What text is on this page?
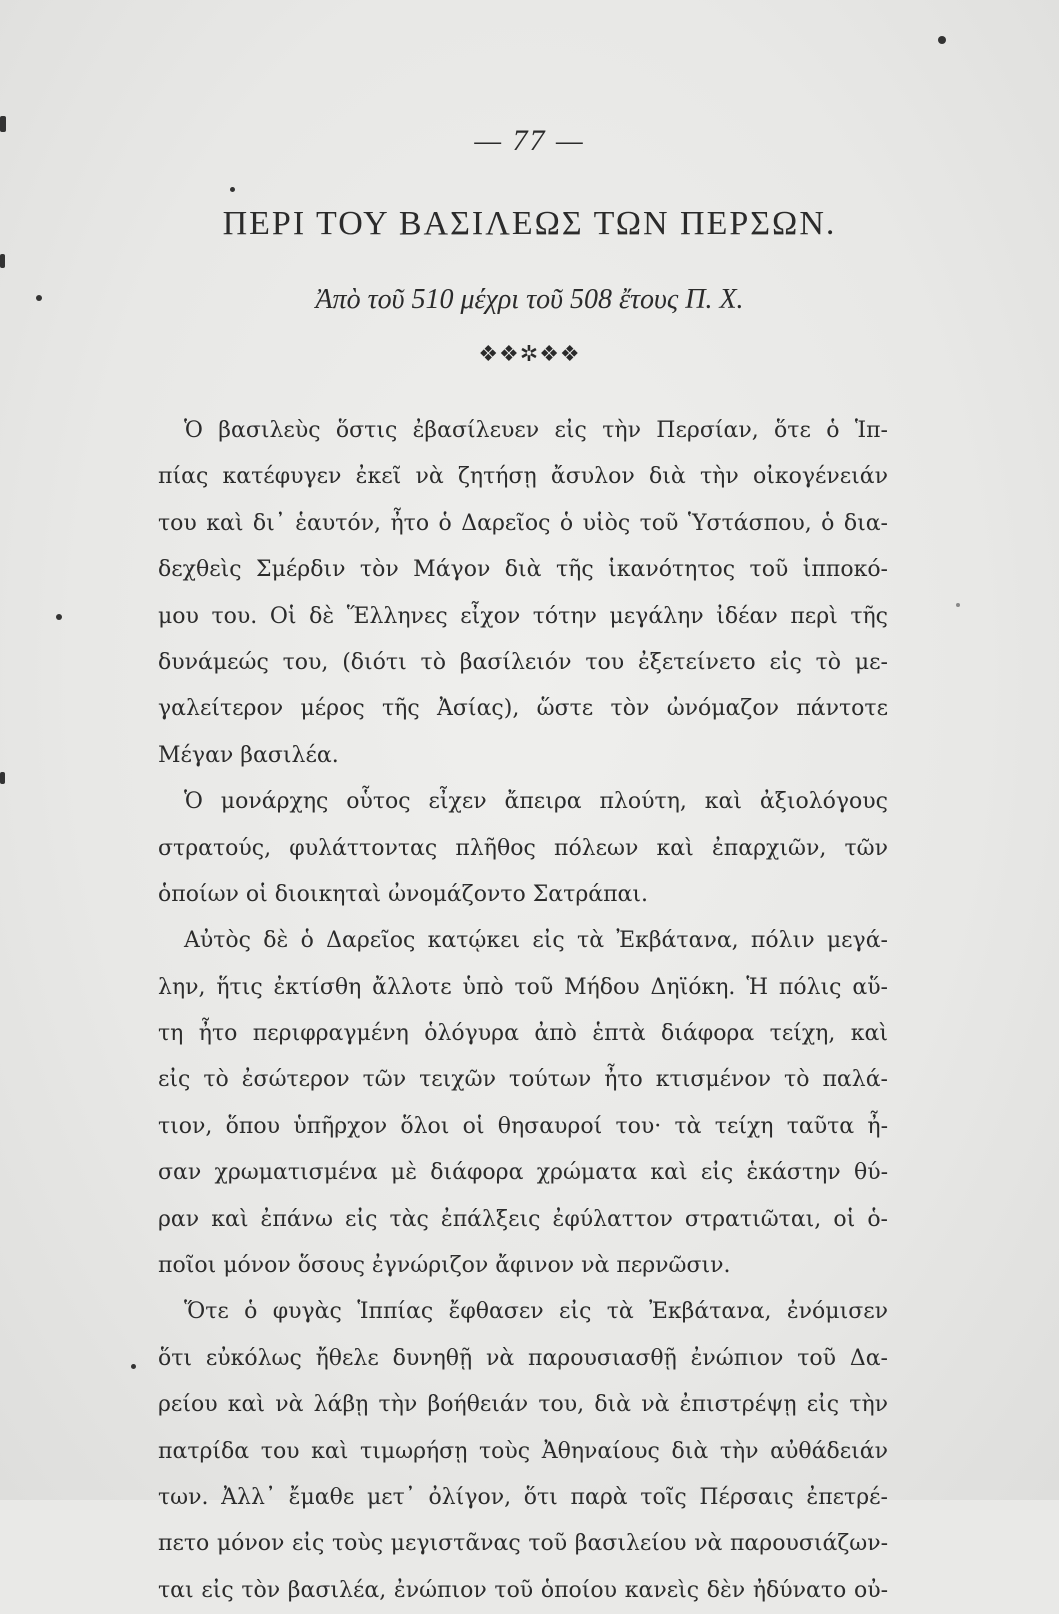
— 77 —
ΠΕΡΙ ΤΟΥ ΒΑΣΙΛΕΩΣ ΤΩΝ ΠΕΡΣΩΝ.
Ἀπὸ τοῦ 510 μέχρι τοῦ 508 ἔτους Π. Χ.
❖❖✲❖❖
Ὁ βασιλεὺς ὅστις ἐβασίλευεν εἰς τὴν Περσίαν, ὅτε ὁ Ἱπ-
πίας κατέφυγεν ἐκεῖ νὰ ζητήσῃ ἄσυλον διὰ τὴν οἰκογένειάν
του καὶ δι᾽ ἑαυτόν, ἦτο ὁ Δαρεῖος ὁ υἱὸς τοῦ Ὑστάσπου, ὁ δια-
δεχθεὶς Σμέρδιν τὸν Μάγον διὰ τῆς ἱκανότητος τοῦ ἱπποκό-
μου του. Οἱ δὲ Ἕλληνες εἶχον τότην μεγάλην ἰδέαν περὶ τῆς
δυνάμεώς του, (διότι τὸ βασίλειόν του ἐξετείνετο εἰς τὸ με-
γαλείτερον μέρος τῆς Ἀσίας), ὥστε τὸν ὠνόμαζον πάντοτε
Μέγαν βασιλέα.
Ὁ μονάρχης οὗτος εἶχεν ἄπειρα πλούτη, καὶ ἀξιολόγους
στρατούς, φυλάττοντας πλῆθος πόλεων καὶ ἐπαρχιῶν, τῶν
ὁποίων οἱ διοικηταὶ ὠνομάζοντο Σατράπαι.
Αὐτὸς δὲ ὁ Δαρεῖος κατῴκει εἰς τὰ Ἐκβάτανα, πόλιν μεγά-
λην, ἥτις ἐκτίσθη ἄλλοτε ὑπὸ τοῦ Μήδου Δηϊόκη. Ἡ πόλις αὕ-
τη ἦτο περιφραγμένη ὁλόγυρα ἀπὸ ἑπτὰ διάφορα τείχη, καὶ
εἰς τὸ ἐσώτερον τῶν τειχῶν τούτων ἦτο κτισμένον τὸ παλά-
τιον, ὅπου ὑπῆρχον ὅλοι οἱ θησαυροί του· τὰ τείχη ταῦτα ἦ-
σαν χρωματισμένα μὲ διάφορα χρώματα καὶ εἰς ἑκάστην θύ-
ραν καὶ ἐπάνω εἰς τὰς ἐπάλξεις ἐφύλαττον στρατιῶται, οἱ ὁ-
ποῖοι μόνον ὅσους ἐγνώριζον ἄφινον νὰ περνῶσιν.
Ὅτε ὁ φυγὰς Ἱππίας ἔφθασεν εἰς τὰ Ἐκβάτανα, ἐνόμισεν
ὅτι εὐκόλως ἤθελε δυνηθῇ νὰ παρουσιασθῇ ἐνώπιον τοῦ Δα-
ρείου καὶ νὰ λάβῃ τὴν βοήθειάν του, διὰ νὰ ἐπιστρέψῃ εἰς τὴν
πατρίδα του καὶ τιμωρήσῃ τοὺς Ἀθηναίους διὰ τὴν αὐθάδειάν
των. Ἀλλ᾽ ἔμαθε μετ᾽ ὀλίγον, ὅτι παρὰ τοῖς Πέρσαις ἐπετρέ-
πετο μόνον εἰς τοὺς μεγιστᾶνας τοῦ βασιλείου νὰ παρουσιάζων-
ται εἰς τὸν βασιλέα, ἐνώπιον τοῦ ὁποίου κανεὶς δὲν ἠδύνατο οὐ-
